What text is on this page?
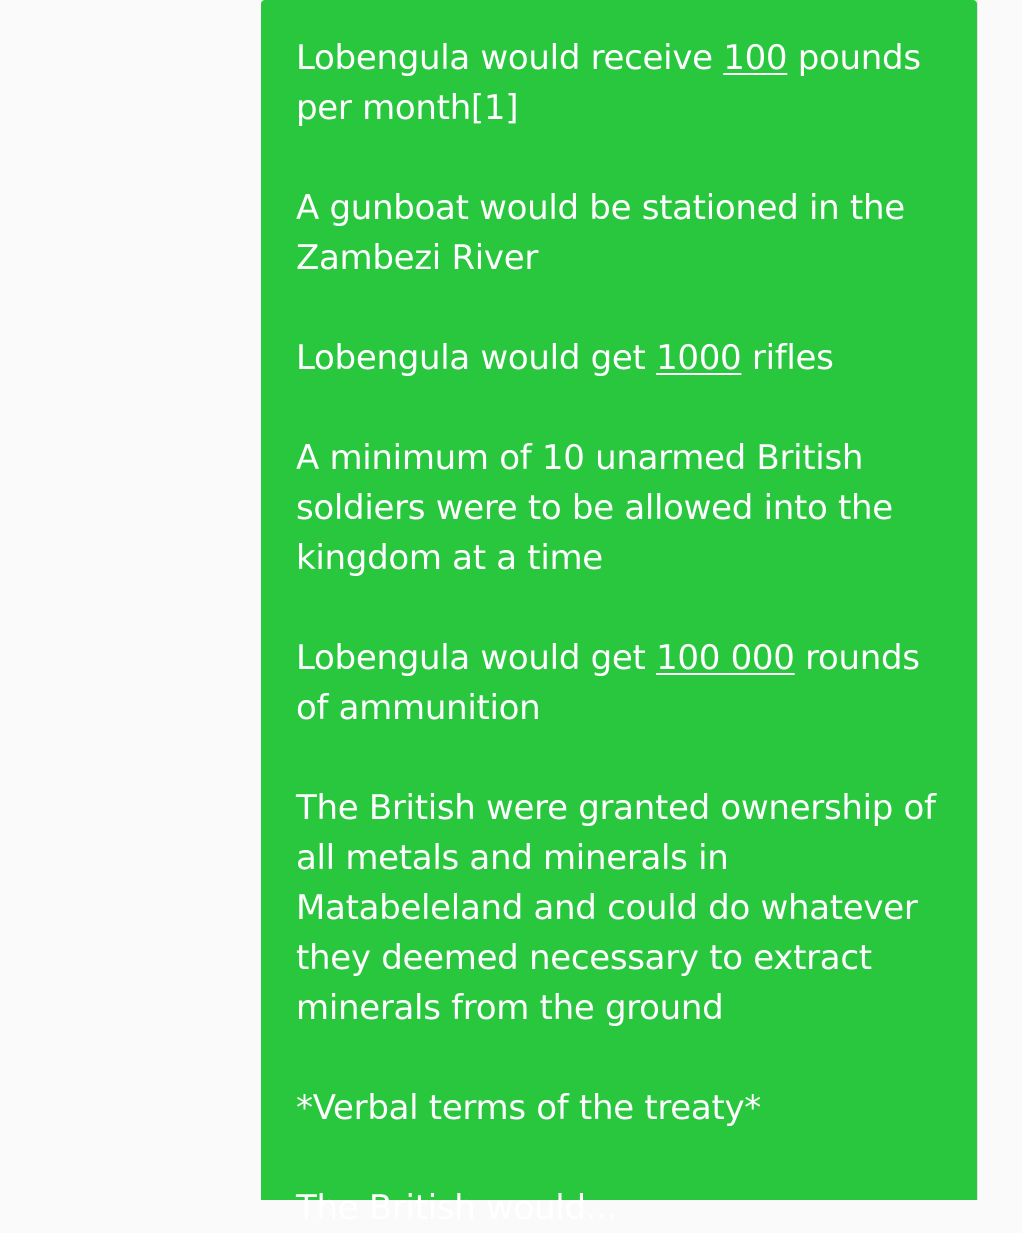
Lobengula would receive 100 pounds per month[1]

A gunboat would be stationed in the Zambezi River

Lobengula would get 1000 rifles

A minimum of 10 unarmed British soldiers were to be allowed into the kingdom at a time

Lobengula would get 100 000 rounds of ammunition

The British were granted ownership of all metals and minerals in Matabeleland and could do whatever they deemed necessary to extract minerals from the ground

*Verbal terms of the treaty*

The British would...
